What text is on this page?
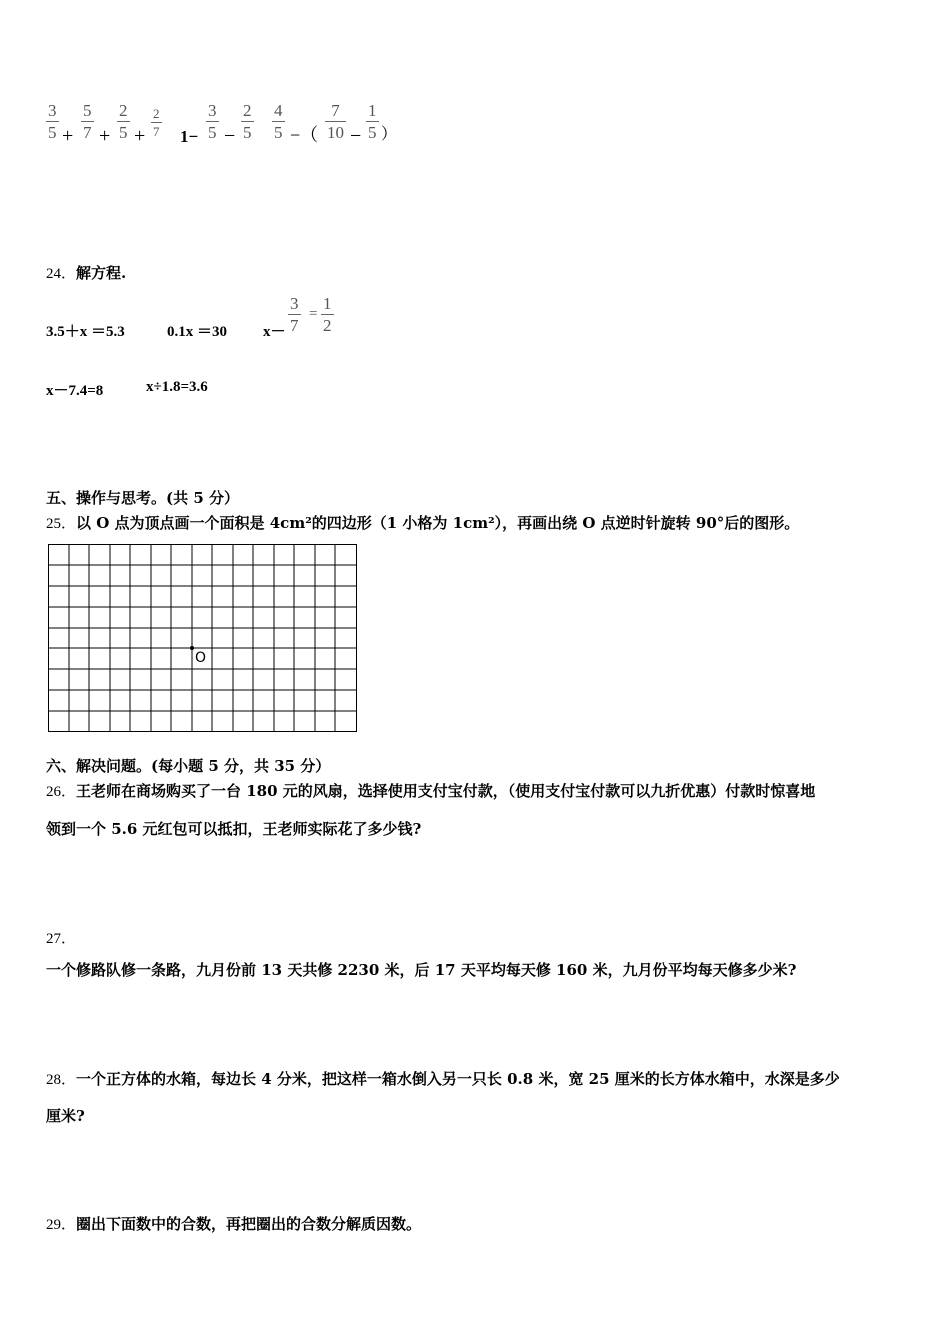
3
5 +
5
7 +
2
5 +
2
7 1−
3
5 −
2
5
4
5 −（
7
10 −
1
5 ）
24．解方程.
3.5＋x ＝5.3	0.1x ＝30 x－
3
7
=
1
2
x－7.4=8	x÷1.8=3.6
五、操作与思考。(共 5 分）
25．以 O 点为顶点画一个面积是 4cm²的四边形（1 小格为 1cm²），再画出绕 O 点逆时针旋转 90°后的图形。
O
六、解决问题。(每小题 5 分，共 35 分）
26．王老师在商场购买了一台 180 元的风扇，选择使用支付宝付款，（使用支付宝付款可以九折优惠）付款时惊喜地
领到一个 5.6 元红包可以抵扣，王老师实际花了多少钱?
27．
一个修路队修一条路，九月份前 13 天共修 2230 米，后 17 天平均每天修 160 米，九月份平均每天修多少米?
28．一个正方体的水箱，每边长 4 分米，把这样一箱水倒入另一只长 0.8 米，宽 25 厘米的长方体水箱中，水深是多少
厘米?
29．圈出下面数中的合数，再把圈出的合数分解质因数。
